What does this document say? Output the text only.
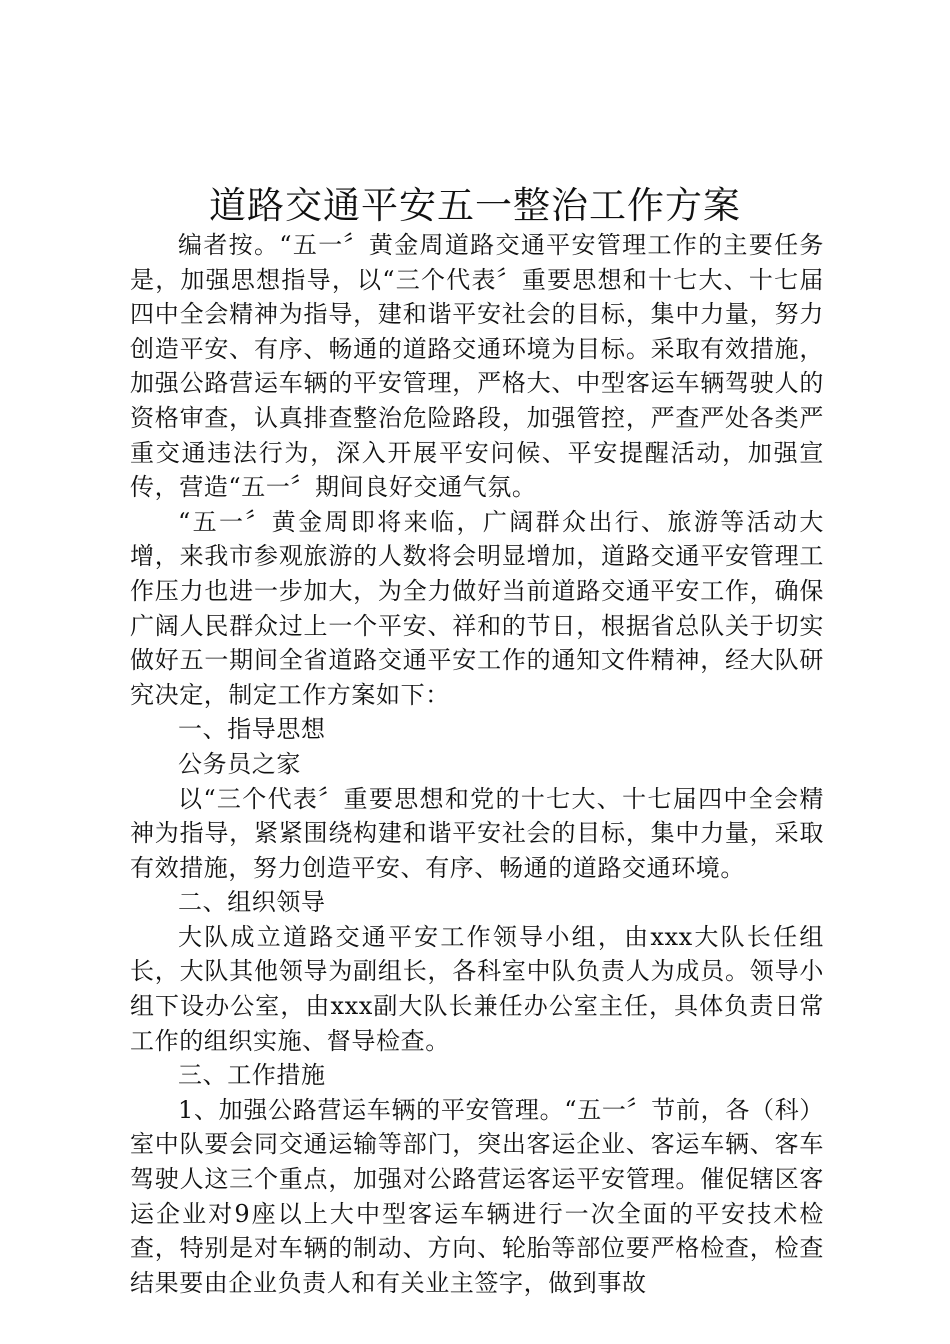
道路交通平安五一整治工作方案

编者按。“五一〞黄金周道路交通平安管理工作的主要任务是，加强思想指导，以“三个代表〞重要思想和十七大、十七届四中全会精神为指导，建和谐平安社会的目标，集中力量，努力创造平安、有序、畅通的道路交通环境为目标。采取有效措施，加强公路营运车辆的平安管理，严格大、中型客运车辆驾驶人的资格审查，认真排查整治危险路段，加强管控，严查严处各类严重交通违法行为，深入开展平安问候、平安提醒活动，加强宣传，营造“五一〞期间良好交通气氛。

“五一〞黄金周即将来临，广阔群众出行、旅游等活动大增，来我市参观旅游的人数将会明显增加，道路交通平安管理工作压力也进一步加大，为全力做好当前道路交通平安工作，确保广阔人民群众过上一个平安、祥和的节日，根据省总队关于切实做好五一期间全省道路交通平安工作的通知文件精神，经大队研究决定，制定工作方案如下：

一、指导思想

公务员之家

以“三个代表〞重要思想和党的十七大、十七届四中全会精神为指导，紧紧围绕构建和谐平安社会的目标，集中力量，采取有效措施，努力创造平安、有序、畅通的道路交通环境。

二、组织领导

大队成立道路交通平安工作领导小组，由xxx大队长任组长，大队其他领导为副组长，各科室中队负责人为成员。领导小组下设办公室，由xxx副大队长兼任办公室主任，具体负责日常工作的组织实施、督导检查。

三、工作措施

1、加强公路营运车辆的平安管理。“五一〞节前，各（科）室中队要会同交通运输等部门，突出客运企业、客运车辆、客车驾驶人这三个重点，加强对公路营运客运平安管理。催促辖区客运企业对9座以上大中型客运车辆进行一次全面的平安技术检查，特别是对车辆的制动、方向、轮胎等部位要严格检查，检查结果要由企业负责人和有关业主签字，做到事故
